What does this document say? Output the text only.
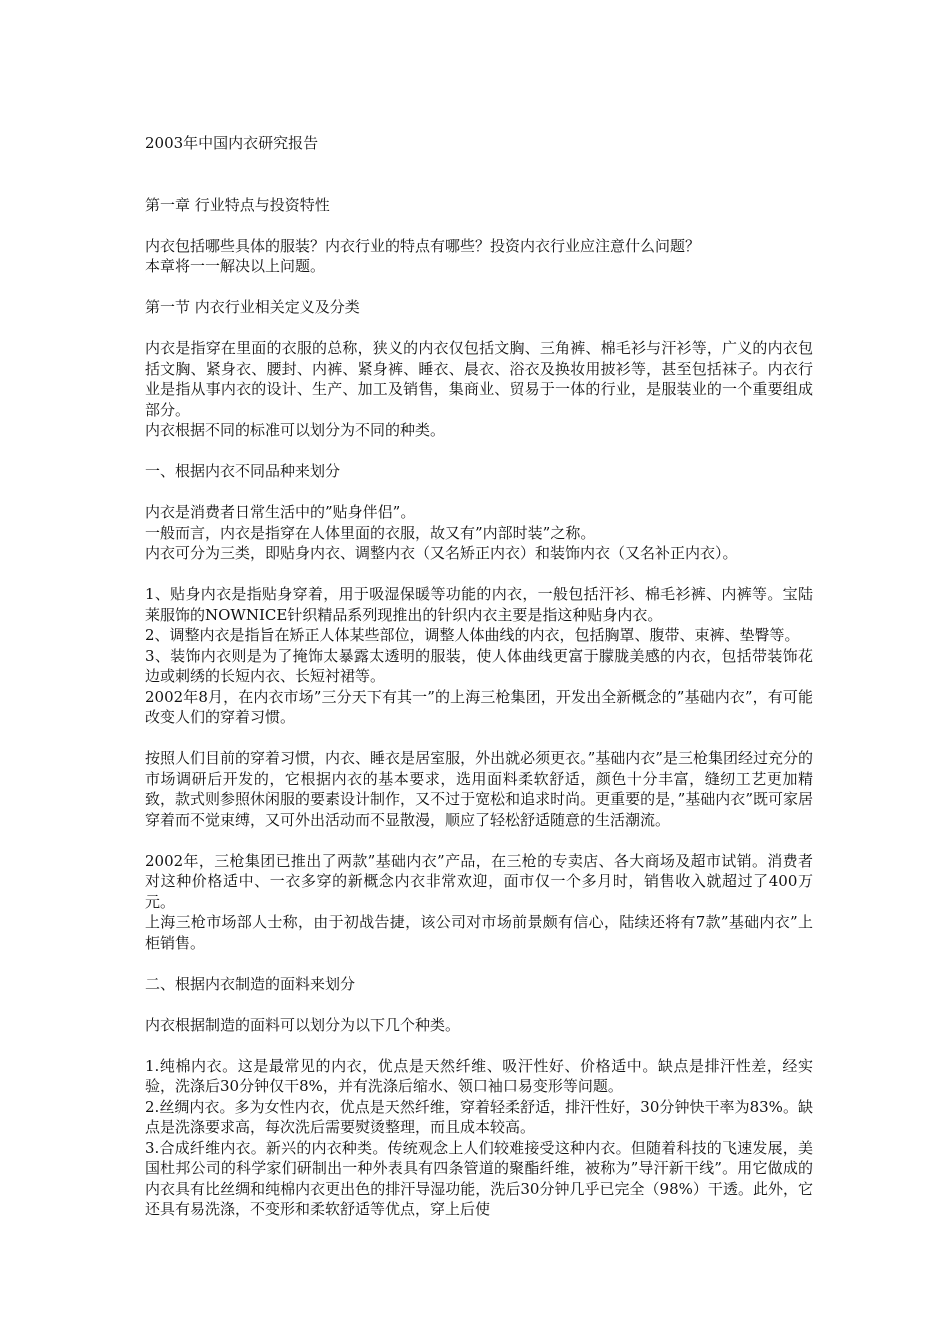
2003年中国内衣研究报告

第一章 行业特点与投资特性

内衣包括哪些具体的服装？内衣行业的特点有哪些？投资内衣行业应注意什么问题？

本章将一一解决以上问题。

第一节 内衣行业相关定义及分类

内衣是指穿在里面的衣服的总称，狭义的内衣仅包括文胸、三角裤、棉毛衫与汗衫等，广义的内衣包括文胸、紧身衣、腰封、内裤、紧身裤、睡衣、晨衣、浴衣及换妆用披衫等，甚至包括袜子。内衣行业是指从事内衣的设计、生产、加工及销售，集商业、贸易于一体的行业，是服装业的一个重要组成部分。

内衣根据不同的标准可以划分为不同的种类。

一、根据内衣不同品种来划分

内衣是消费者日常生活中的”贴身伴侣”。

一般而言，内衣是指穿在人体里面的衣服，故又有”内部时装”之称。

内衣可分为三类，即贴身内衣、调整内衣（又名矫正内衣）和装饰内衣（又名补正内衣）。

1、贴身内衣是指贴身穿着，用于吸湿保暖等功能的内衣，一般包括汗衫、棉毛衫裤、内裤等。宝陆莱服饰的NOWNICE针织精品系列现推出的针织内衣主要是指这种贴身内衣。

2、调整内衣是指旨在矫正人体某些部位，调整人体曲线的内衣，包括胸罩、腹带、束裤、垫臀等。

3、装饰内衣则是为了掩饰太暴露太透明的服装，使人体曲线更富于朦胧美感的内衣，包括带装饰花边或刺绣的长短内衣、长短衬裙等。

2002年8月，在内衣市场”三分天下有其一”的上海三枪集团，开发出全新概念的”基础内衣”，有可能改变人们的穿着习惯。

按照人们目前的穿着习惯，内衣、睡衣是居室服，外出就必须更衣。”基础内衣”是三枪集团经过充分的市场调研后开发的，它根据内衣的基本要求，选用面料柔软舒适，颜色十分丰富，缝纫工艺更加精致，款式则参照休闲服的要素设计制作，又不过于宽松和追求时尚。更重要的是，”基础内衣”既可家居穿着而不觉束缚，又可外出活动而不显散漫，顺应了轻松舒适随意的生活潮流。

2002年，三枪集团已推出了两款”基础内衣”产品，在三枪的专卖店、各大商场及超市试销。消费者对这种价格适中、一衣多穿的新概念内衣非常欢迎，面市仅一个多月时，销售收入就超过了400万元。

上海三枪市场部人士称，由于初战告捷，该公司对市场前景颇有信心，陆续还将有7款”基础内衣”上柜销售。

二、根据内衣制造的面料来划分

内衣根据制造的面料可以划分为以下几个种类。

1.纯棉内衣。这是最常见的内衣，优点是天然纤维、吸汗性好、价格适中。缺点是排汗性差，经实验，洗涤后30分钟仅干8%，并有洗涤后缩水、领口袖口易变形等问题。

2.丝绸内衣。多为女性内衣，优点是天然纤维，穿着轻柔舒适，排汗性好，30分钟快干率为83%。缺点是洗涤要求高，每次洗后需要熨烫整理，而且成本较高。

3.合成纤维内衣。新兴的内衣种类。传统观念上人们较难接受这种内衣。但随着科技的飞速发展，美国杜邦公司的科学家们研制出一种外表具有四条管道的聚酯纤维，被称为”导汗新干线”。用它做成的内衣具有比丝绸和纯棉内衣更出色的排汗导湿功能，洗后30分钟几乎已完全（98%）干透。此外，它还具有易洗涤，不变形和柔软舒适等优点，穿上后使
